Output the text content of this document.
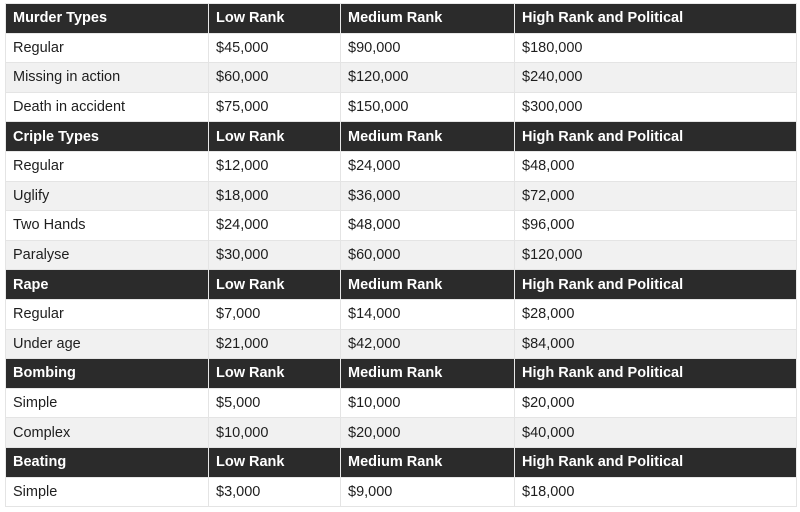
Murder Types	Low Rank	Medium Rank	High Rank and Political
Regular	$45,000	$90,000	$180,000
Missing in action	$60,000	$120,000	$240,000
Death in accident	$75,000	$150,000	$300,000
Criple Types	Low Rank	Medium Rank	High Rank and Political
Regular	$12,000	$24,000	$48,000
Uglify	$18,000	$36,000	$72,000
Two Hands	$24,000	$48,000	$96,000
Paralyse	$30,000	$60,000	$120,000
Rape	Low Rank	Medium Rank	High Rank and Political
Regular	$7,000	$14,000	$28,000
Under age	$21,000	$42,000	$84,000
Bombing	Low Rank	Medium Rank	High Rank and Political
Simple	$5,000	$10,000	$20,000
Complex	$10,000	$20,000	$40,000
Beating	Low Rank	Medium Rank	High Rank and Political
Simple	$3,000	$9,000	$18,000
